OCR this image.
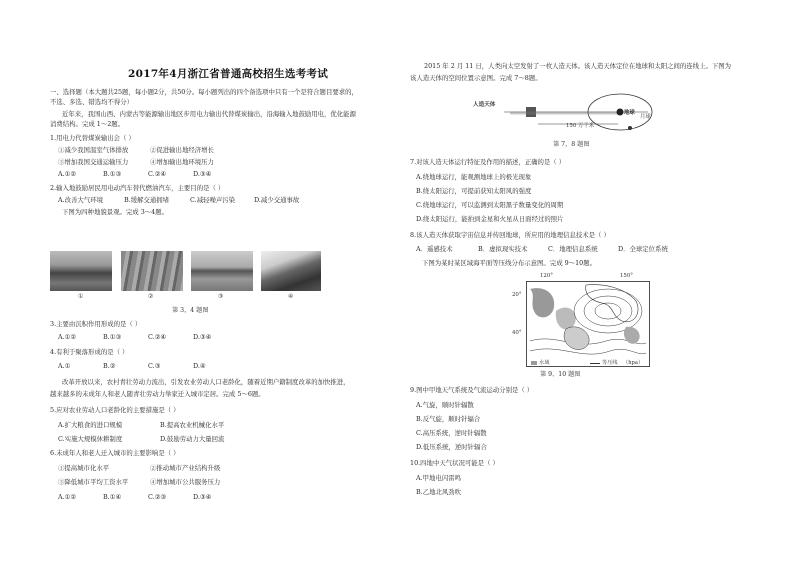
2017年4月浙江省普通高校招生选考考试
一、选择题（本大题共25题，每小题2分，共50分。每小题列出的四个备选项中只有一个是符合题目要求的，
不选、多选、错选均不得分）
近年来，我国山西、内蒙古等能源输出地区步用电力输出代替煤炭输出，沿海输入地鼓励用电，优化能源
消费结构。完成 1～2题。
1.用电力代替煤炭输出会（ ）
①减少我国温室气体排放	②促进输出地经济增长
③增加我国交通运输压力	④增加输出地环境压力
A.①②	B.①③	C.②④	D.③④
2.输入地鼓励居民用电动汽车替代燃油汽车，主要目的是（ ）
A.改善大气环境	B.缓解交通拥堵	C.减轻噪声污染	D.减少交通事故
下图为四种地貌景观。完成 3～4题。
①	②	③	④
第 3，4 题图
3.主要由沉积作用形成的是（ ）
A.①②	B.①③	C.②④	D.③④
4.有利于聚落形成的是（ ）
A.①	B.②	C.③	D.④
改革开放以来，农村青壮劳动力流出，引发农业劳动人口老龄化，随着近期户籍制度改革的加快推进，
越来越多的未成年人和老人随青壮劳动力举家迁入城市定居。完成 5～6题。
5.应对农业劳动人口老龄化的主要措施是（ ）
A.扩大粮食的进口规模	B.提高农业机械化水平
C.实施大规模休耕制度	D.鼓励劳动力大量回流
6.未成年人和老人迁入城市的主要影响是（ ）
①提高城市化水平	②推动城市产业结构升级
③降低城市平均工资水平	④增加城市公共服务压力
A.①②	B.①④	C.②③	D.③④
2015 年 2 月 11 日，人类向太空发射了一枚人造天体。该人造天体定位在地球和太阳之间的连线上。下图为
该人造天体的空间位置示意图。完成 7～8题。
人造天体
150 万千米
地球
月球
第 7，8 题图
7.对该人造天体运行特征及作用的描述，正确的是（ ）
A.绕地球运行，能观测地球上的极光现象
B.绕太阳运行，可提前获知太阳风的强度
C.绕地球运行，可以监测到太阳黑子数量变化的周期
D.绕太阳运行，能拍到金星和火星从日面经过的照片
8.该人造天体获取宇宙信息并传回地球，所应用的地理信息技术是（ ）
A．遥感技术	B．虚拟现实技术	C．地理信息系统	D．全球定位系统
下图为某时某区域海平面等压线分布示意图。完成 9～10题。
120°	150°
20°
40°
水域	等压线 （hpa）
第 9、10 题图
9.图中甲地天气系统及气流运动分别是（ ）
A.气旋，顺时针辐散
B.反气旋，顺时针辐合
C.高压系统，逆时针辐散
D.低压系统，逆时针辐合
10.四地中天气状况可能是（ ）
A.甲地电闪雷鸣
B.乙地北风劲吹
